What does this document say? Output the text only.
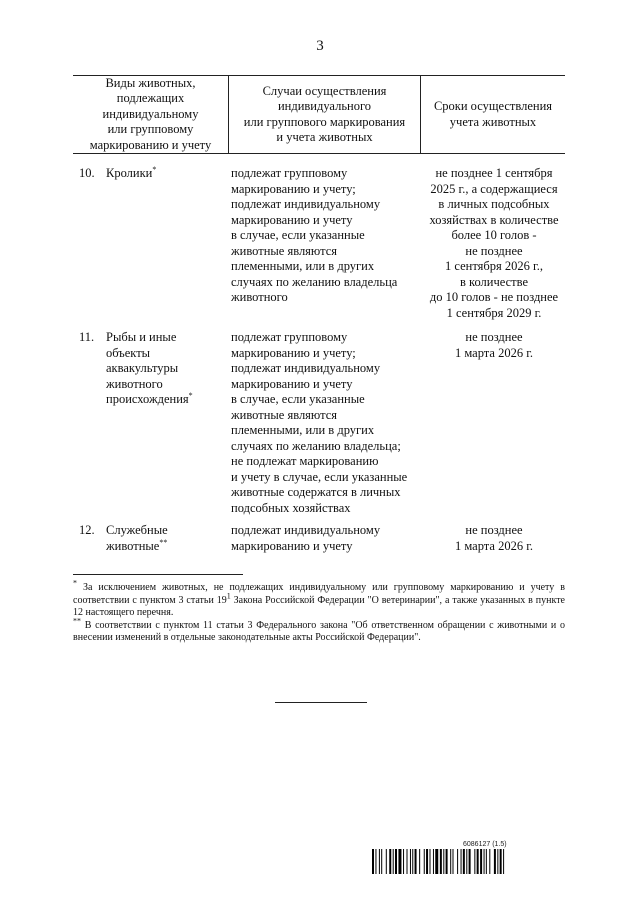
3
Виды животных,
подлежащих
индивидуальному
или групповому
маркированию и учету
Случаи осуществления
индивидуального
или группового маркирования
и учета животных
Сроки осуществления
учета животных
10. Кролики*	подлежат групповому
маркированию и учету;
подлежат индивидуальному
маркированию и учету
в случае, если указанные
животные являются
племенными, или в других
случаях по желанию владельца
животного
не позднее 1 сентября
2025 г., а содержащиеся
в личных подсобных
хозяйствах в количестве
более 10 голов -
не позднее
1 сентября 2026 г.,
в количестве
до 10 голов - не позднее
1 сентября 2029 г.
11. Рыбы и иные
объекты
аквакультуры
животного
происхождения*
подлежат групповому
маркированию и учету;
подлежат индивидуальному
маркированию и учету
в случае, если указанные
животные являются
племенными, или в других
случаях по желанию владельца;
не подлежат маркированию
и учету в случае, если указанные
животные содержатся в личных
подсобных хозяйствах
не позднее
1 марта 2026 г.
12. Служебные
животные**
подлежат индивидуальному
маркированию и учету
не позднее
1 марта 2026 г.

* За исключением животных, не подлежащих индивидуальному или групповому маркированию и учету в соответствии с пунктом 3 статьи $19^1$ Закона Российской Федерации "О ветеринарии", а также указанных в пункте 12 настоящего перечня.

** В соответствии с пунктом 11 статьи 3 Федерального закона "Об ответственном обращении с животными и о внесении изменений в отдельные законодательные акты Российской Федерации".

6086127 (1.5)
